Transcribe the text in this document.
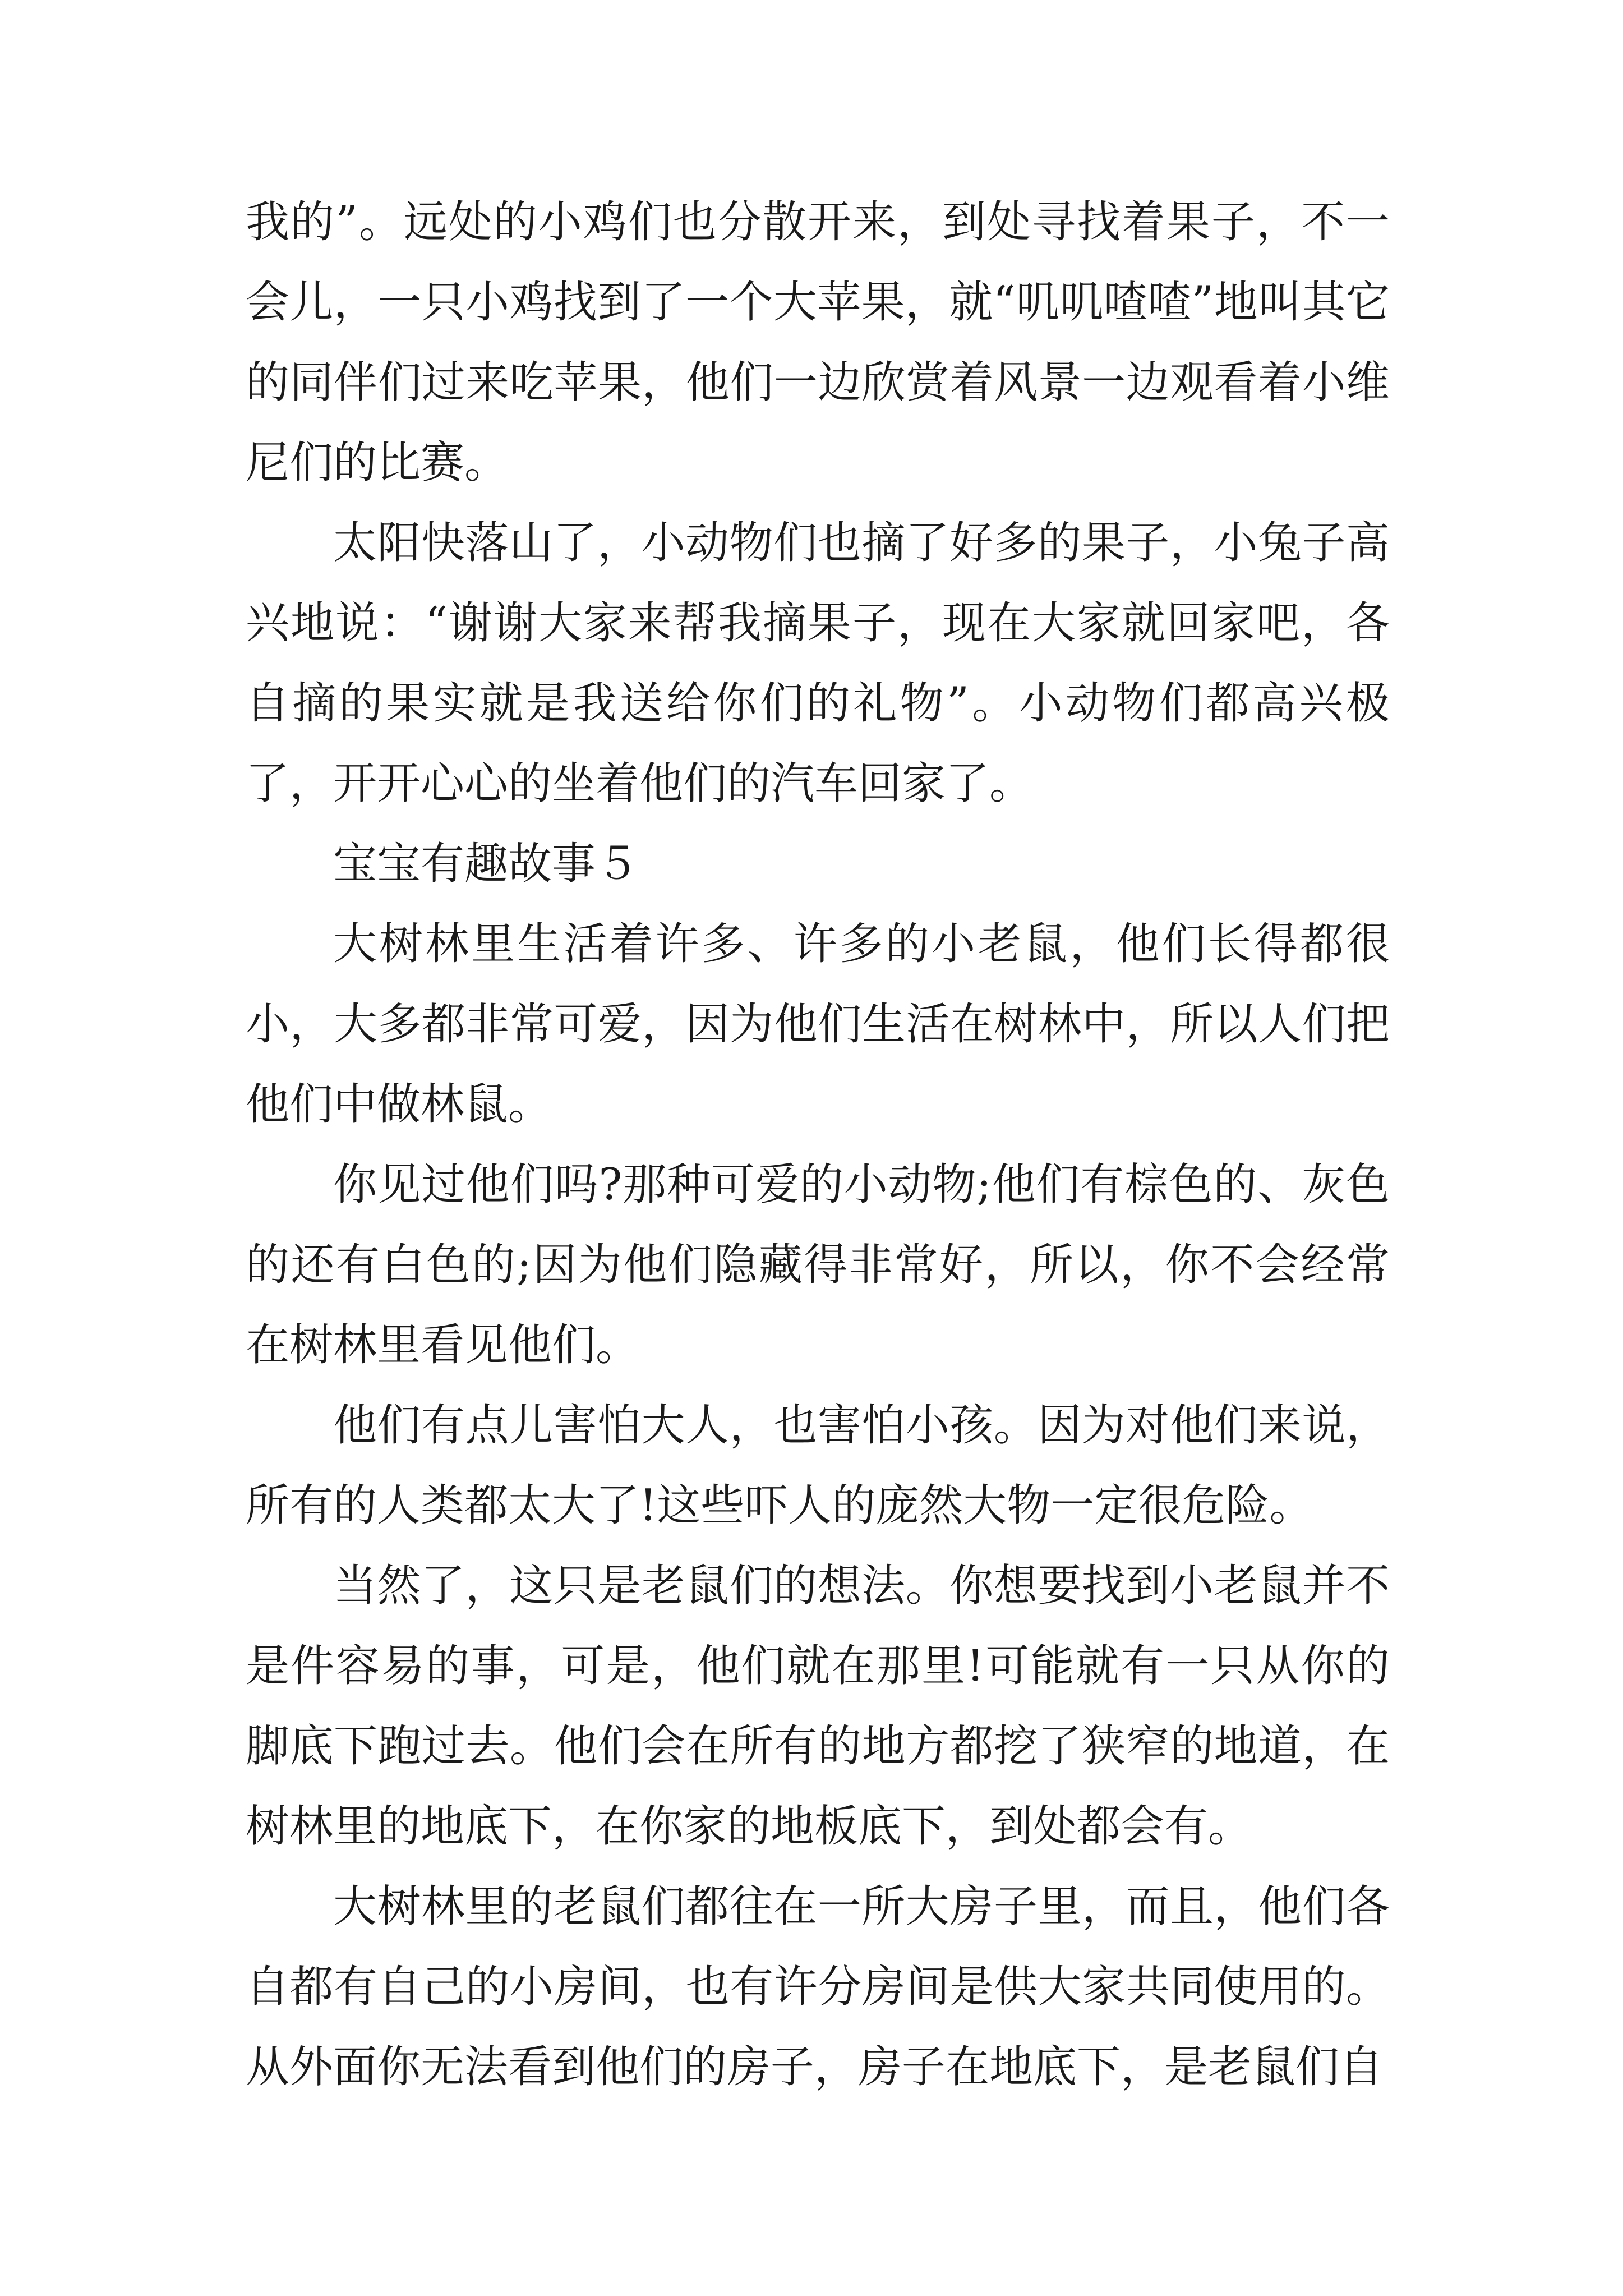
我的”。远处的小鸡们也分散开来，到处寻找着果子，不一会儿，一只小鸡找到了一个大苹果，就“叽叽喳喳”地叫其它的同伴们过来吃苹果，他们一边欣赏着风景一边观看着小维尼们的比赛。

太阳快落山了，小动物们也摘了好多的果子，小兔子高兴地说：“谢谢大家来帮我摘果子，现在大家就回家吧，各自摘的果实就是我送给你们的礼物”。小动物们都高兴极了，开开心心的坐着他们的汽车回家了。

宝宝有趣故事５

大树林里生活着许多、许多的小老鼠，他们长得都很小，大多都非常可爱，因为他们生活在树林中，所以人们把他们中做林鼠。

你见过他们吗?那种可爱的小动物;他们有棕色的、灰色的还有白色的;因为他们隐藏得非常好，所以，你不会经常在树林里看见他们。

他们有点儿害怕大人，也害怕小孩。因为对他们来说，所有的人类都太大了!这些吓人的庞然大物一定很危险。

当然了，这只是老鼠们的想法。你想要找到小老鼠并不是件容易的事，可是，他们就在那里!可能就有一只从你的脚底下跑过去。他们会在所有的地方都挖了狭窄的地道，在树林里的地底下，在你家的地板底下，到处都会有。

大树林里的老鼠们都往在一所大房子里，而且，他们各自都有自己的小房间，也有许分房间是供大家共同使用的。从外面你无法看到他们的房子，房子在地底下，是老鼠们自
